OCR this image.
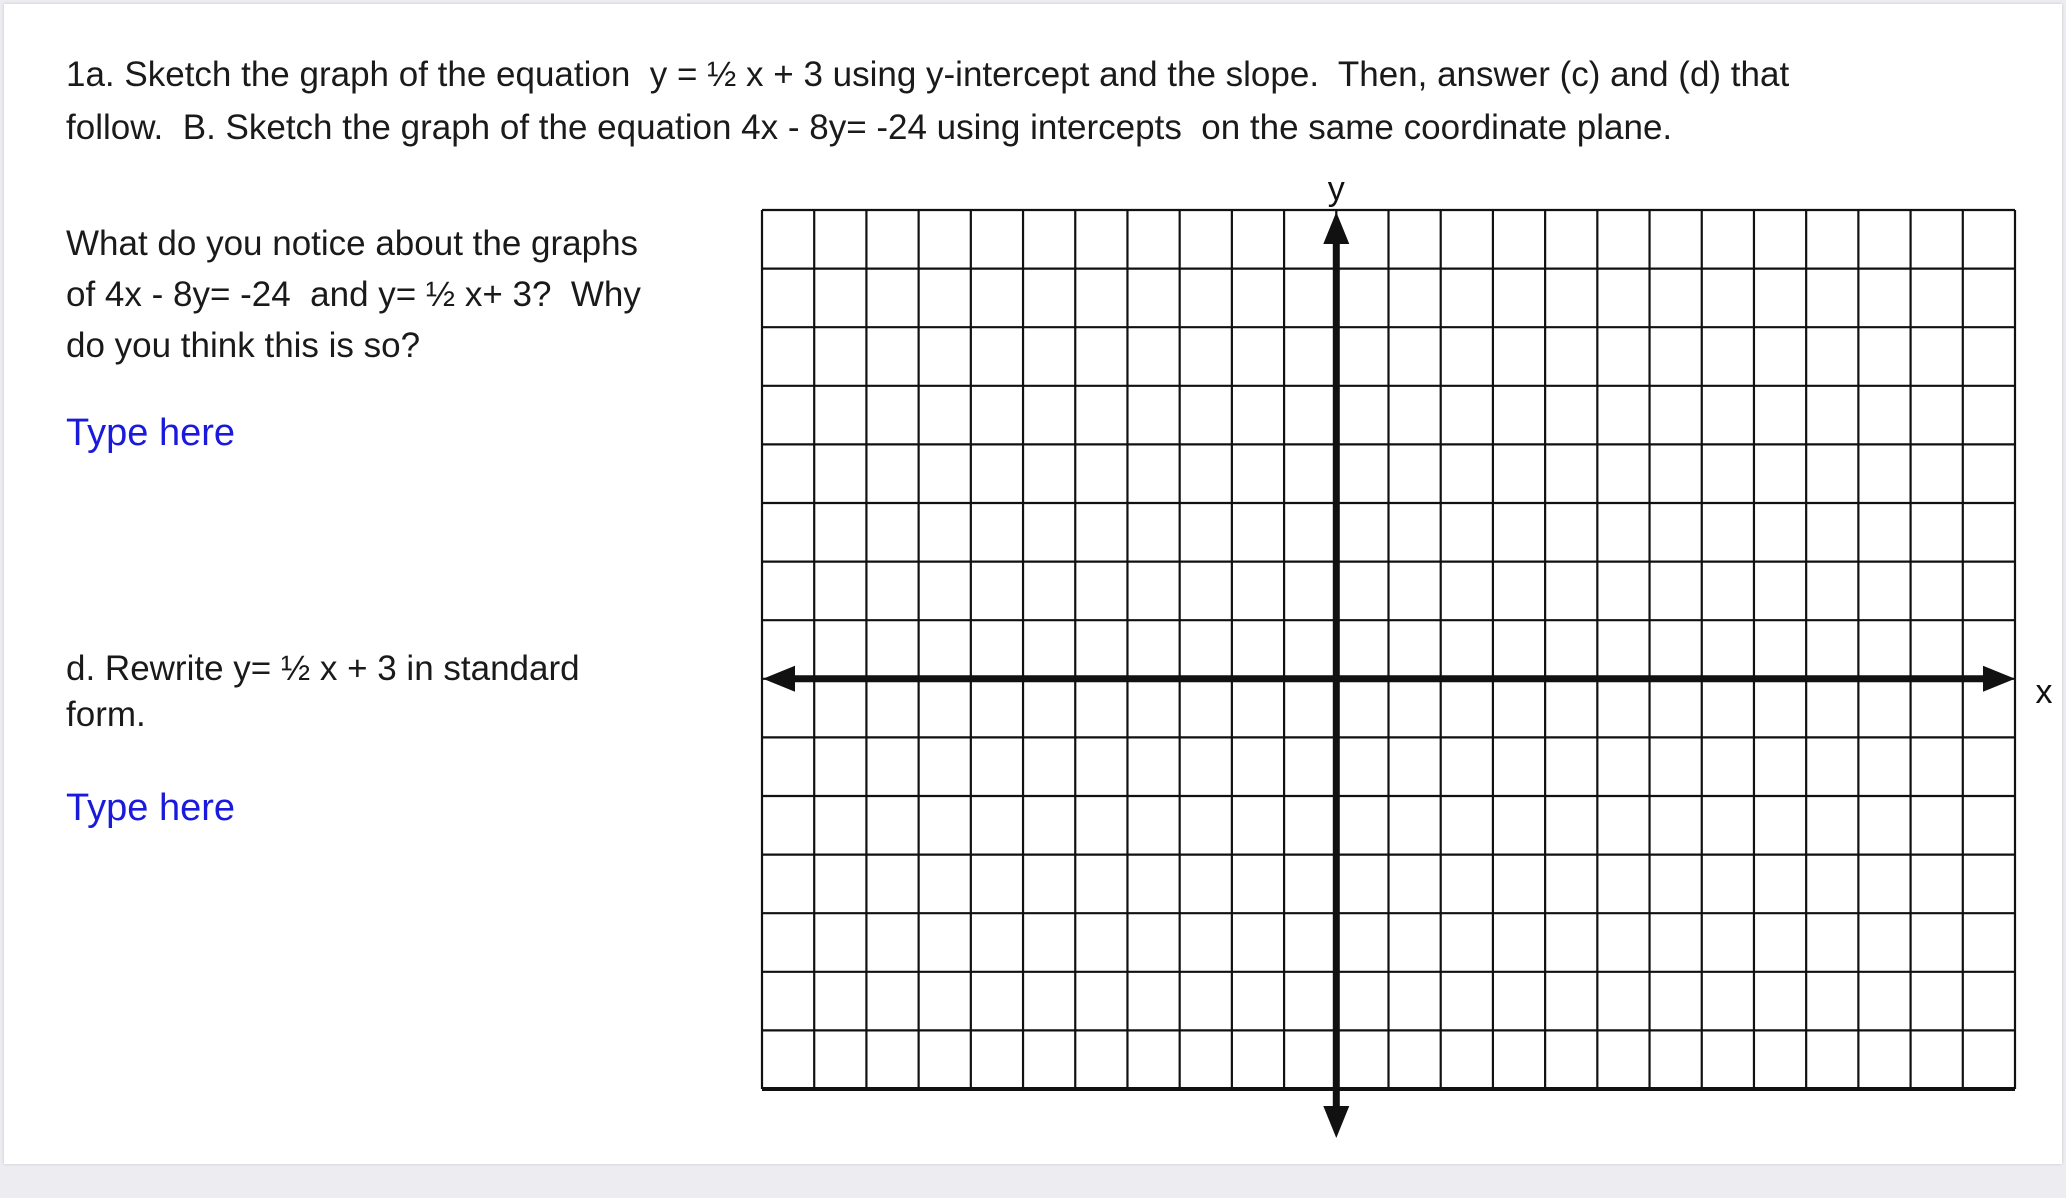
1a. Sketch the graph of the equation  y = ½ x + 3 using y-intercept and the slope.  Then, answer (c) and (d) that
follow.  B. Sketch the graph of the equation 4x - 8y= -24 using intercepts  on the same coordinate plane.

What do you notice about the graphs
of 4x - 8y= -24  and y= ½ x+ 3?  Why
do you think this is so?

Type here

d. Rewrite y= ½ x + 3 in standard
form.

Type here
y
x
